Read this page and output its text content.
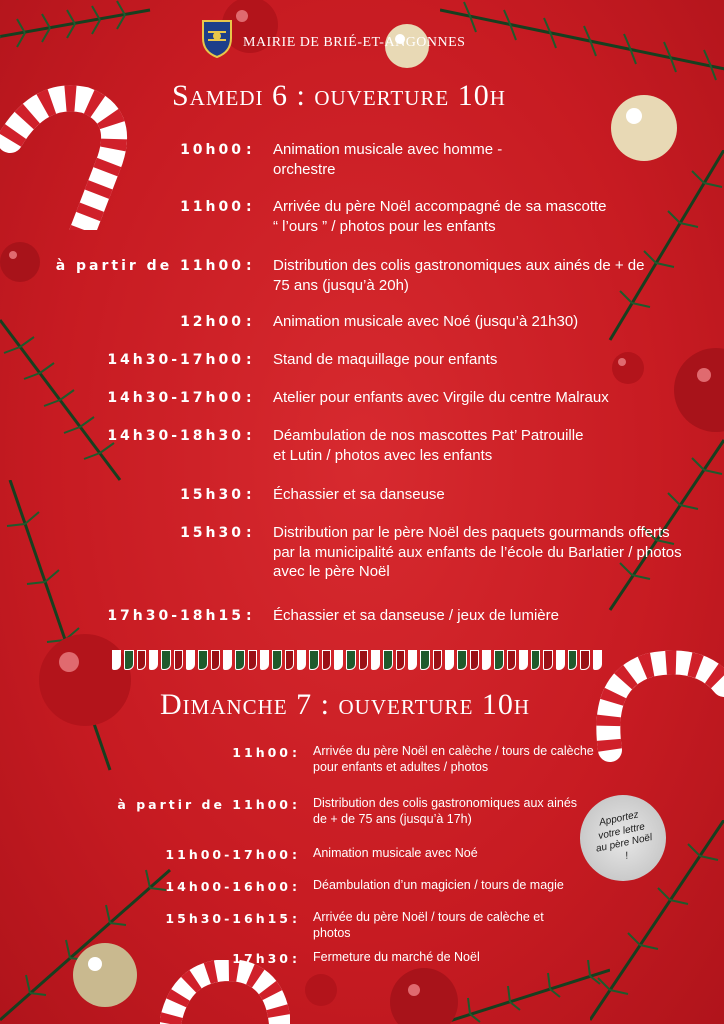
MAIRIE DE BRIÉ-ET-ANGONNES
Samedi 6 : ouverture 10h
10h00 : Animation musicale avec homme - orchestre
11h00 : Arrivée du père Noël accompagné de sa mascotte “ l’ours ” / photos pour les enfants
à partir de 11h00 : Distribution des colis gastronomiques aux ainés de + de 75 ans (jusqu’à 20h)
12h00 : Animation musicale avec Noé (jusqu’à 21h30)
14h30-17h00 : Stand de maquillage pour enfants
14h30-17h00 : Atelier pour enfants avec Virgile du centre Malraux
14h30-18h30 : Déambulation de nos mascottes Pat’ Patrouille et Lutin / photos avec les enfants
15h30 : Échassier et sa danseuse
15h30 : Distribution par le père Noël des paquets gourmands offerts par la municipalité aux enfants de l’école du Barlatier / photos avec le père Noël
17h30-18h15 : Échassier et sa danseuse / jeux de lumière
Dimanche 7 : ouverture 10h
11h00 : Arrivée du père Noël en calèche / tours de calèche pour enfants et adultes / photos
à partir de 11h00 : Distribution des colis gastronomiques aux ainés de + de 75 ans (jusqu’à 17h)
11h00-17h00 : Animation musicale avec Noé
14h00-16h00 : Déambulation d’un magicien / tours de magie
15h30-16h15 : Arrivée du père Noël / tours de calèche et photos
17h30 : Fermeture du marché de Noël
Apportez votre lettre au père Noël !
